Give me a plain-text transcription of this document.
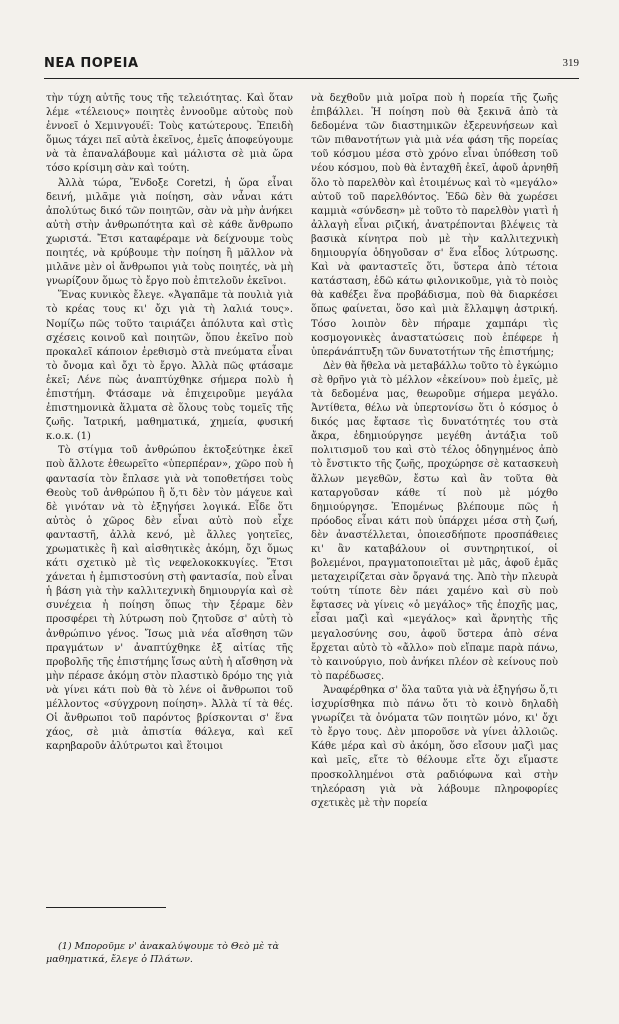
ΝΕΑ ΠΟΡΕΙΑ	319

τὴν τύχη αὐτῆς τους τῆς τελειότητας. Καὶ ὅταν λέμε «τέλειους» ποιητὲς ἐννοοῦμε αὐτοὺς ποὺ ἐννοεῖ ὁ Χεμινγουέϊ: Τοὺς κατώτερους. Ἐπειδὴ ὅμως τάχει πεῖ αὐτὰ ἐκεῖνος, ἐμεῖς ἀποφεύγουμε νὰ τὰ ἐπαναλάβουμε καὶ μάλιστα σὲ μιὰ ὥρα τόσο κρίσιμη σὰν καὶ τούτη.

Ἀλλὰ τώρα, Ἔνδοξε Coretzi, ἡ ὥρα εἶναι δεινή, μιλᾶμε γιὰ ποίηση, σὰν νἆναι κάτι ἀπολύτως δικό τῶν ποιητῶν, σὰν νὰ μὴν ἀνήκει αὐτὴ στὴν ἀνθρωπότητα καὶ σὲ κάθε ἄνθρωπο χωριστά. Ἔτσι καταφέραμε νὰ δείχνουμε τοὺς ποιητές, νὰ κρύβουμε τὴν ποίηση ἢ μᾶλλον νὰ μιλᾶνε μὲν οἱ ἄνθρωποι γιὰ τοὺς ποιητές, νὰ μὴ γνωρίζουν ὅμως τὸ ἔργο ποὺ ἐπιτελοῦν ἐκεῖνοι.

Ἕνας κυνικὸς ἔλεγε. «Ἀγαπᾶμε τὰ πουλιὰ γιὰ τὸ κρέας τους κι' ὄχι γιὰ τὴ λαλιά τους». Νομίζω πῶς τοῦτο ταιριάζει ἀπόλυτα καὶ στὶς σχέσεις κοινοῦ καὶ ποιητῶν, ὅπου ἐκεῖνο ποὺ προκαλεῖ κάποιον ἐρεθισμὸ στὰ πνεύματα εἶναι τὸ ὄνομα καὶ ὄχι τὸ ἔργο. Ἀλλὰ πῶς φτάσαμε ἐκεῖ; Λένε πὼς ἀναπτύχθηκε σήμερα πολὺ ἡ ἐπιστήμη. Φτάσαμε νὰ ἐπιχειροῦμε μεγάλα ἐπιστημονικὰ ἅλματα σὲ ὅλους τοὺς τομεῖς τῆς ζωῆς. Ἰατρική, μαθηματικά, χημεία, φυσική κ.ο.κ. (1)

Τὸ στίγμα τοῦ ἀνθρώπου ἐκτοξεύτηκε ἐκεῖ ποὺ ἄλλοτε ἐθεωρεῖτο «ὑπερπέραν», χῶρο ποὺ ἡ φαντασία τὸν ἔπλασε γιὰ νὰ τοποθετήσει τοὺς Θεοὺς τοῦ ἀνθρώπου ἢ ὅ,τι δὲν τὸν μάγευε καὶ δὲ γινόταν νὰ τὸ ἐξηγήσει λογικά. Εἶδε ὅτι αὐτὸς ὁ χῶρος δὲν εἶναι αὐτὸ ποὺ εἶχε φανταστῆ, ἀλλὰ κενό, μὲ ἄλλες γοητεῖες, χρωματικὲς ἢ καὶ αἰσθητικὲς ἀκόμη, ὄχι ὅμως κάτι σχετικὸ μὲ τὶς νεφελοκοκκυγίες. Ἔτσι χάνεται ἡ ἐμπιστοσύνη στὴ φαντασία, ποὺ εἶναι ἡ βάση γιὰ τὴν καλλιτεχνικὴ δημιουργία καὶ σὲ συνέχεια ἡ ποίηση ὅπως τὴν ξέραμε δὲν προσφέρει τὴ λύτρωση ποὺ ζητοῦσε σ' αὐτὴ τὸ ἀνθρώπινο γένος. Ἴσως μιὰ νέα αἴσθηση τῶν πραγμάτων ν' ἀναπτύχθηκε ἐξ αἰτίας τῆς προβολῆς τῆς ἐπιστήμης ἴσως αὐτὴ ἡ αἴσθηση νὰ μὴν πέρασε ἀκόμη στὸν πλαστικὸ δρόμο της γιὰ νὰ γίνει κάτι ποὺ θὰ τὸ λένε οἱ ἄνθρωποι τοῦ μέλλοντος «σύγχρονη ποίηση». Ἀλλὰ τί τὰ θές. Οἱ ἄνθρωποι τοῦ παρόντος βρίσκονται σ' ἕνα χάος, σὲ μιὰ ἀπιστία θάλεγα, καὶ κεῖ καρηβαροῦν ἀλύτρωτοι καὶ ἕτοιμοι

νὰ δεχθοῦν μιὰ μοῖρα ποὺ ἡ πορεία τῆς ζωῆς ἐπιβάλλει. Ἡ ποίηση ποὺ θὰ ξεκινᾶ ἀπὸ τὰ δεδομένα τῶν διαστημικῶν ἐξερευνήσεων καὶ τῶν πιθανοτήτων γιὰ μιὰ νέα φάση τῆς πορείας τοῦ κόσμου μέσα στὸ χρόνο εἶναι ὑπόθεση τοῦ νέου κόσμου, ποὺ θὰ ἐνταχθῆ ἐκεῖ, ἀφοῦ ἀρνηθῆ ὅλο τὸ παρελθὸν καὶ ἑτοιμένως καὶ τὸ «μεγάλο» αὐτοῦ τοῦ παρελθόντος. Ἐδῶ δὲν θὰ χωρέσει καμμιὰ «σύνδεση» μὲ τοῦτο τὸ παρελθὸν γιατὶ ἡ ἀλλαγὴ εἶναι ριζική, ἀνατρέπονται βλέψεις τὰ βασικὰ κίνητρα ποὺ μὲ τὴν καλλιτεχνικὴ δημιουργία ὁδηγοῦσαν σ' ἕνα εἶδος λύτρωσης. Καὶ νὰ φανταστεῖς ὅτι, ὕστερα ἀπὸ τέτοια κατάσταση, ἐδῶ κάτω φιλονικοῦμε, γιὰ τὸ ποιὸς θὰ καθέξει ἕνα προβάδισμα, ποὺ θὰ διαρκέσει ὅπως φαίνεται, ὅσο καὶ μιὰ ἔλλαμψη ἀστρική. Τόσο λοιπὸν δὲν πήραμε χαμπάρι τὶς κοσμογονικὲς ἀναστατώσεις ποὺ ἐπέφερε ἡ ὑπεράνάπτυξη τῶν δυνατοτήτων τῆς ἐπιστήμης;

Δὲν θὰ ἤθελα νὰ μεταβάλλω τοῦτο τὸ ἐγκώμιο σὲ θρῆνο γιὰ τὸ μέλλον «ἐκείνου» ποὺ ἐμεῖς, μὲ τὰ δεδομένα μας, θεωροῦμε σήμερα μεγάλο. Ἀντίθετα, θέλω νὰ ὑπερτονίσω ὅτι ὁ κόσμος ὁ δικός μας ἔφτασε τὶς δυνατότητές του στὰ ἄκρα, ἐδημιούργησε μεγέθη ἀντάξια τοῦ πολιτισμοῦ του καὶ στὸ τέλος ὁδηγημένος ἀπὸ τὸ ἔνστικτο τῆς ζωῆς, προχώρησε σὲ κατασκευὴ ἄλλων μεγεθῶν, ἔστω καὶ ἂν τοῦτα θὰ καταργοῦσαν κάθε τί ποὺ μὲ μόχθο δημιούργησε. Ἐπομένως βλέπουμε πῶς ἡ πρόοδος εἶναι κάτι ποὺ ὑπάρχει μέσα στὴ ζωή, δὲν ἀναστέλλεται, ὁποιεσδήποτε προσπάθειες κι' ἂν καταβάλουν οἱ συντηρητικοί, οἱ βολεμένοι, πραγματοποιεῖται μὲ μᾶς, ἀφοῦ ἐμᾶς μεταχειρίζεται σὰν ὄργανά της. Ἀπὸ τὴν πλευρὰ τούτη τίποτε δὲν πάει χαμένο καὶ σὺ ποὺ ἔφτασες νὰ γίνεις «ὁ μεγάλος» τῆς ἐποχῆς μας, εἶσαι μαζὶ καὶ «μεγάλος» καὶ ἄρνητὴς τῆς μεγαλοσύνης σου, ἀφοῦ ὕστερα ἀπὸ σένα ἔρχεται αὐτὸ τὸ «ἄλλο» ποὺ εἴπαμε παρὰ πάνω, τὸ καινούργιο, ποὺ ἀνήκει πλέον σὲ κείνους ποὺ τὸ παρέδωσες.

Ἀναφέρθηκα σ' ὅλα ταῦτα γιὰ νὰ ἐξηγήσω ὅ,τι ἰσχυρίσθηκα πιὸ πάνω ὅτι τὸ κοινὸ δηλαδὴ γνωρίζει τὰ ὀνόματα τῶν ποιητῶν μόνο, κι' ὄχι τὸ ἔργο τους. Δὲν μποροῦσε νὰ γίνει ἀλλοιῶς. Κάθε μέρα καὶ σὺ ἀκόμη, ὅσο εἴσουν μαζὶ μας καὶ μεῖς, εἴτε τὸ θέλουμε εἴτε ὄχι εἴμαστε προσκολλημένοι στὰ ραδιόφωνα καὶ στὴν τηλεόραση γιὰ νὰ λάβουμε πληροφορίες σχετικὲς μὲ τὴν πορεία

(1) Μποροῦμε ν' ἀνακαλύψουμε τὸ Θεὸ μὲ τὰ μαθηματικά, ἔλεγε ὁ Πλάτων.
